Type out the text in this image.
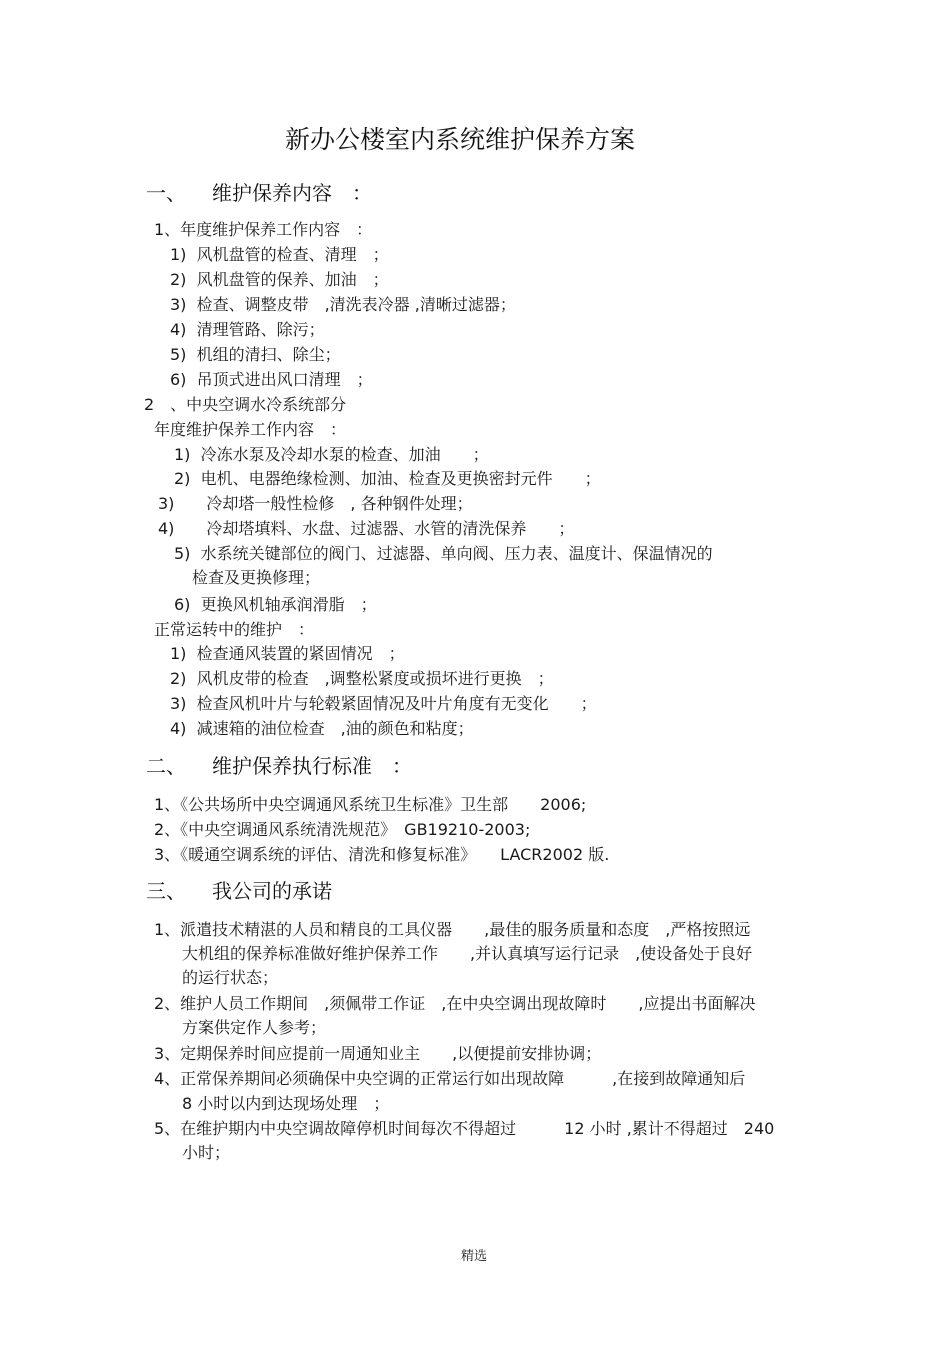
新办公楼室内系统维护保养方案
一、 维护保养内容　：
1、年度维护保养工作内容　：
1)  风机盘管的检查、清理　；
2)  风机盘管的保养、加油　；
3)  检查、调整皮带　,清洗表冷器 ,清晰过滤器；
4)  清理管路、除污；
5)  机组的清扫、除尘；
6)  吊顶式进出风口清理　；
2　、中央空调水冷系统部分
年度维护保养工作内容　：
1)  冷冻水泵及冷却水泵的检查、加油　　；
2)  电机、电器绝缘检测、加油、检查及更换密封元件　　；
3)　　冷却塔一般性检修　, 各种钢件处理；
4)　　冷却塔填料、水盘、过滤器、水管的清洗保养　　；
5)  水系统关键部位的阀门、过滤器、单向阀、压力表、温度计、保温情况的
检查及更换修理；
6)  更换风机轴承润滑脂　；
正常运转中的维护　：
1)  检查通风装置的紧固情况　；
2)  风机皮带的检查　,调整松紧度或损坏进行更换　；
3)  检查风机叶片与轮毂紧固情况及叶片角度有无变化　　；
4)  减速箱的油位检查　,油的颜色和粘度；
二、 维护保养执行标准　：
1、《公共场所中央空调通风系统卫生标准》卫生部　　2006;
2、《中央空调通风系统清洗规范》　GB19210-2003;
3、《暖通空调系统的评估、清洗和修复标准》　　LACR2002 版.
三、 我公司的承诺
1、派遣技术精湛的人员和精良的工具仪器　　,最佳的服务质量和态度　,严格按照远
大机组的保养标准做好维护保养工作　　,并认真填写运行记录　,使设备处于良好
的运行状态；
2、维护人员工作期间　,须佩带工作证　,在中央空调出现故障时　　,应提出书面解决
方案供定作人参考；
3、定期保养时间应提前一周通知业主　　,以便提前安排协调；
4、正常保养期间必须确保中央空调的正常运行如出现故障　　　,在接到故障通知后
8 小时以内到达现场处理　；
5、在维护期内中央空调故障停机时间每次不得超过　　　12 小时 ,累计不得超过　240
小时；
精选
